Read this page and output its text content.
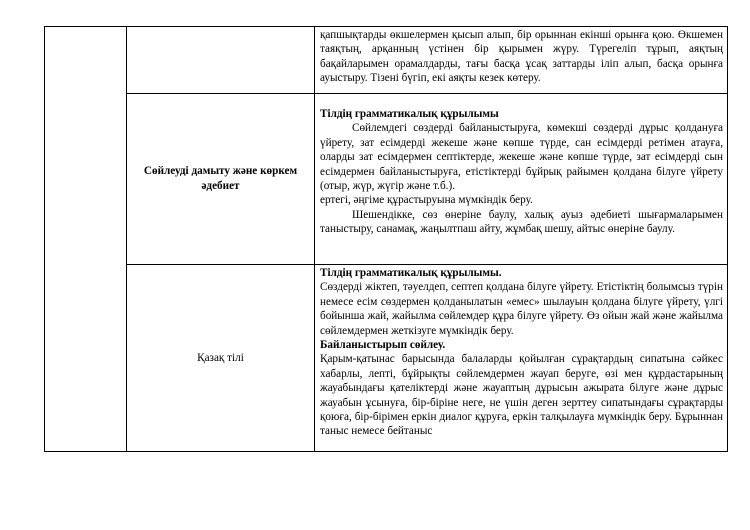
		қапшықтарды өкшелермен қысып алып, бір орыннан екінші орынға қою. Өкшемен таяқтың, арқанның үстінен бір қырымен жүру. Түрегеліп тұрып, аяқтың бақайларымен орамалдарды, тағы басқа ұсақ заттарды іліп алып, басқа орынға ауыстыру. Тізені бүгіп, екі аяқты кезек көтеру.

	Сөйлеуді дамыту және көркем әдебиет	Тілдің грамматикалық құрылымы

Сөйлемдегі сөздерді байланыстыруға, көмекші сөздерді дұрыс қолдануға үйрету, зат есімдерді жекеше және көпше түрде, сан есімдерді ретімен атауға, оларды зат есімдермен септіктерде, жекеше және көпше түрде, зат есімдерді сын есімдермен байланыстыруға, етістіктерді бұйрық райымен қолдана білуге үйрету (отыр, жүр, жүгір және т.б.).

ертегі, әңгіме құрастыруына мүмкіндік беру.

Шешендікке, сөз өнеріне баулу, халық ауыз әдебиеті шығармаларымен таныстыру, санамақ, жаңылтпаш айту, жұмбақ шешу, айтыс өнеріне баулу.

	Қазақ тілі	Тілдің грамматикалық құрылымы.

Сөздерді жіктеп, тәуелдеп, септеп қолдана білуге үйрету. Етістіктің болымсыз түрін немесе есім сөздермен қолданылатын «емес» шылауын қолдана білуге үйрету, үлгі бойынша жай, жайылма сөйлемдер құра білуге үйрету. Өз ойын жай және жайылма сөйлемдермен жеткізуге мүмкіндік беру.

Байланыстырып сөйлеу.

Қарым-қатынас барысында балаларды қойылған сұрақтардың сипатына сәйкес хабарлы, лепті, бұйрықты сөйлемдермен жауап беруге, өзі мен құрдастарының жауабындағы қателіктерді және жауаптың дұрысын ажырата білуге және дұрыс жауабын ұсынуға, бір-біріне неге, не үшін деген зерттеу сипатындағы сұрақтарды қоюға, бір-бірімен еркін диалог құруға, еркін талқылауға мүмкіндік беру. Бұрыннан таныс немесе бейтаныс
